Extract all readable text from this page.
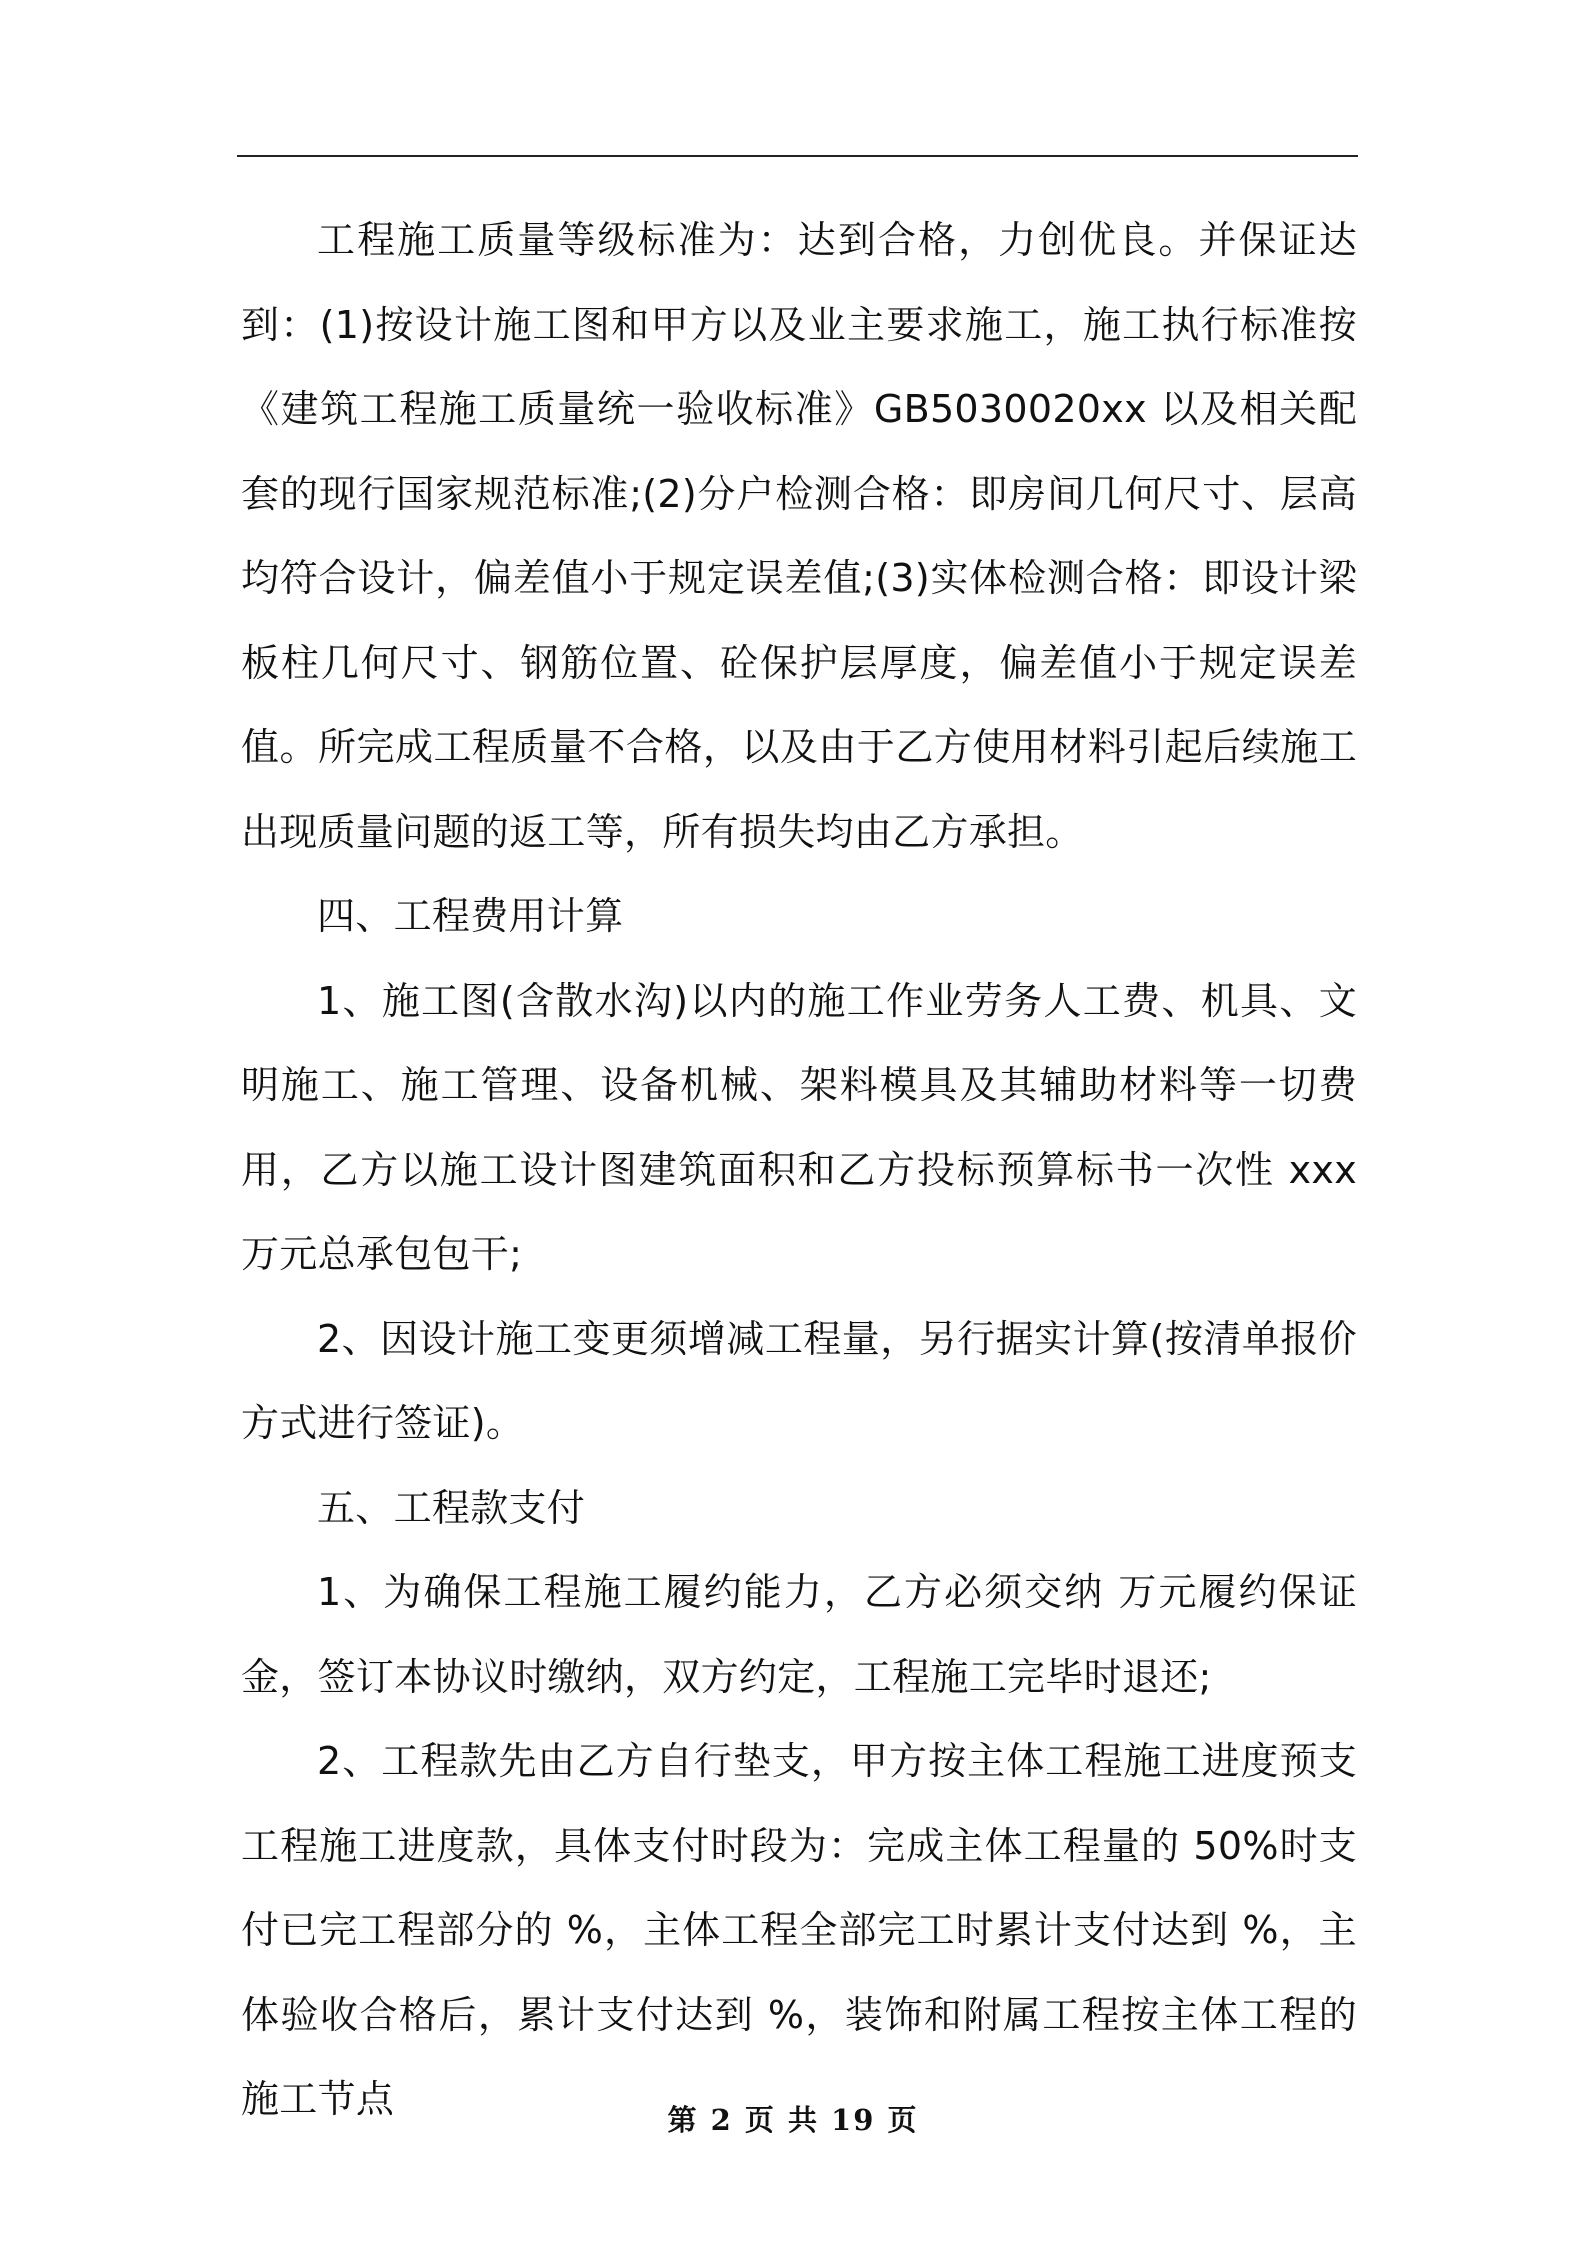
工程施工质量等级标准为：达到合格，力创优良。并保证达到：(1)按设计施工图和甲方以及业主要求施工，施工执行标准按《建筑工程施工质量统一验收标准》GB5030020xx 以及相关配套的现行国家规范标准;(2)分户检测合格：即房间几何尺寸、层高均符合设计，偏差值小于规定误差值;(3)实体检测合格：即设计梁板柱几何尺寸、钢筋位置、砼保护层厚度，偏差值小于规定误差值。所完成工程质量不合格，以及由于乙方使用材料引起后续施工出现质量问题的返工等，所有损失均由乙方承担。

四、工程费用计算

1、施工图(含散水沟)以内的施工作业劳务人工费、机具、文明施工、施工管理、设备机械、架料模具及其辅助材料等一切费用，乙方以施工设计图建筑面积和乙方投标预算标书一次性 xxx 万元总承包包干;

2、因设计施工变更须增减工程量，另行据实计算(按清单报价方式进行签证)。

五、工程款支付

1、为确保工程施工履约能力，乙方必须交纳 万元履约保证金，签订本协议时缴纳，双方约定，工程施工完毕时退还;

2、工程款先由乙方自行垫支，甲方按主体工程施工进度预支工程施工进度款，具体支付时段为：完成主体工程量的 50%时支付已完工程部分的 %，主体工程全部完工时累计支付达到 %，主体验收合格后，累计支付达到 %，装饰和附属工程按主体工程的施工节点	第 2 页 共 19 页
